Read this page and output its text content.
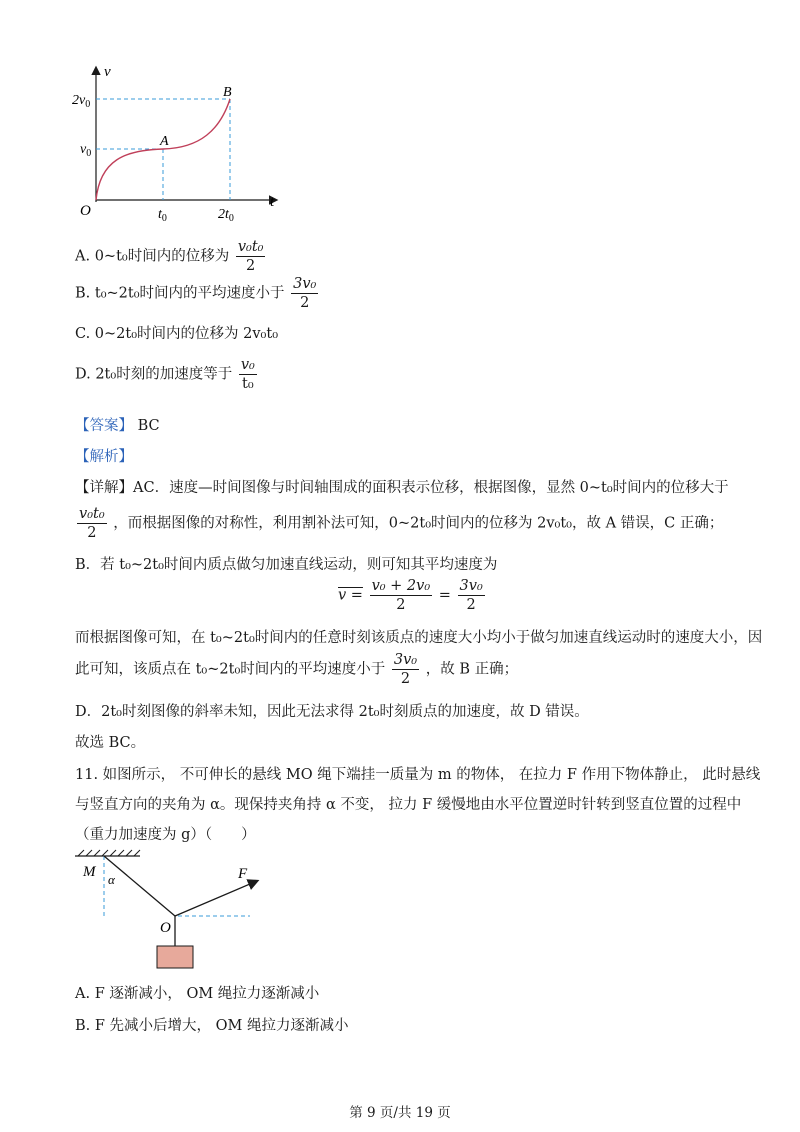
v
t
O
$2v_0$
$v_0$
$t_0$	$2t_0$
A
B
A. 0~t₀时间内的位移为 $\frac{\text{v₀t₀}}{2}$
B. t₀~2t₀时间内的平均速度小于 $\frac{\text{3v₀}}{2}$
C. 0~2t₀时间内的位移为 2v₀t₀
D. 2t₀时刻的加速度等于 $\frac{\text{v₀}}{\text{t₀}}$
【答案】 BC
【解析】
【详解】AC．速度—时间图像与时间轴围成的面积表示位移，根据图像，显然 0~t₀时间内的位移大于
$\frac{\text{v₀t₀}}{2}$ ，而根据图像的对称性，利用割补法可知，0~2t₀时间内的位移为 2v₀t₀，故 A 错误，C 正确；
B．若 t₀~2t₀时间内质点做匀加速直线运动，则可知其平均速度为
$v = \frac{\text{v₀ + 2v₀}}{2} = \frac{\text{3v₀}}{2}$
而根据图像可知，在 t₀~2t₀时间内的任意时刻该质点的速度大小均小于做匀加速直线运动时的速度大小，因
此可知，该质点在 t₀~2t₀时间内的平均速度小于 $\frac{\text{3v₀}}{2}$ ，故 B 正确；
D．2t₀时刻图像的斜率未知，因此无法求得 2t₀时刻质点的加速度，故 D 错误。
故选 BC。
11. 如图所示， 不可伸长的悬线 MO 绳下端挂一质量为 m 的物体， 在拉力 F 作用下物体静止， 此时悬线
与竖直方向的夹角为 α。现保持夹角持 α 不变， 拉力 F 缓慢地由水平位置逆时针转到竖直位置的过程中
（重力加速度为 g）（　　）
M α	F
O
A. F 逐渐减小， OM 绳拉力逐渐减小
B. F 先减小后增大， OM 绳拉力逐渐减小
第 9 页/共 19 页
